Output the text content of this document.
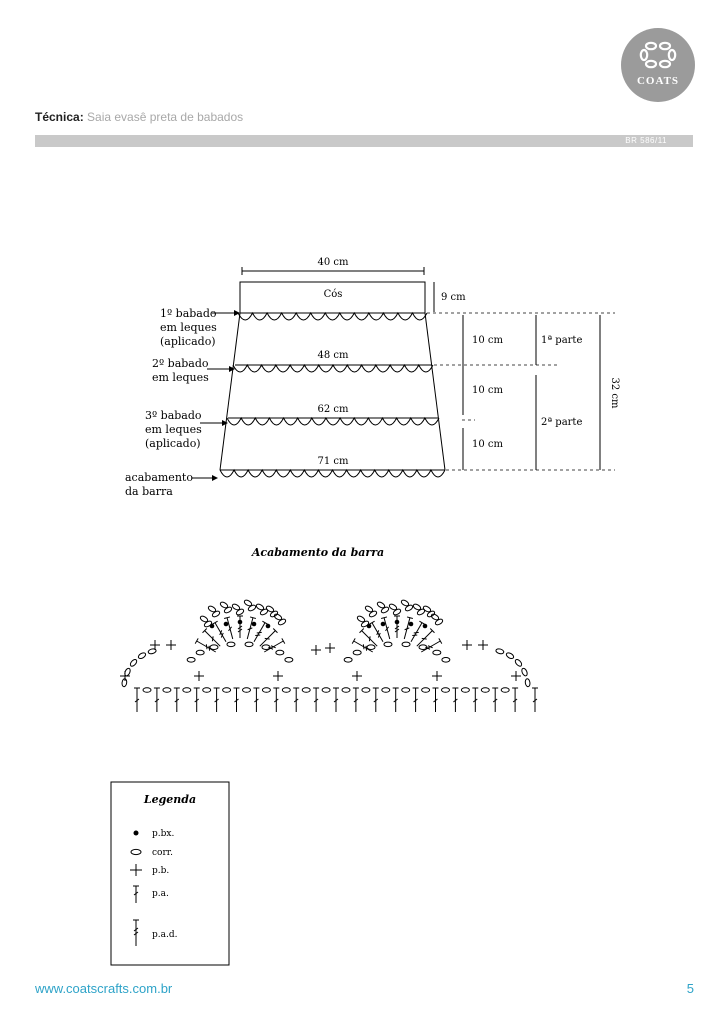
COATS
Técnica: Saia evasê preta de babados
BR 586/11
40 cm
Cós	9 cm
48 cm
62 cm
71 cm
10 cm
10 cm
10 cm
1ª parte
2ª parte
32 cm
1º babado
em leques
(aplicado)
2º babado
em leques
3º babado
em leques
(aplicado)
acabamento
da barra
Acabamento da barra
Legenda
p.bx.
corr.
p.b.
p.a.
p.a.d.
www.coatscrafts.com.br	5
